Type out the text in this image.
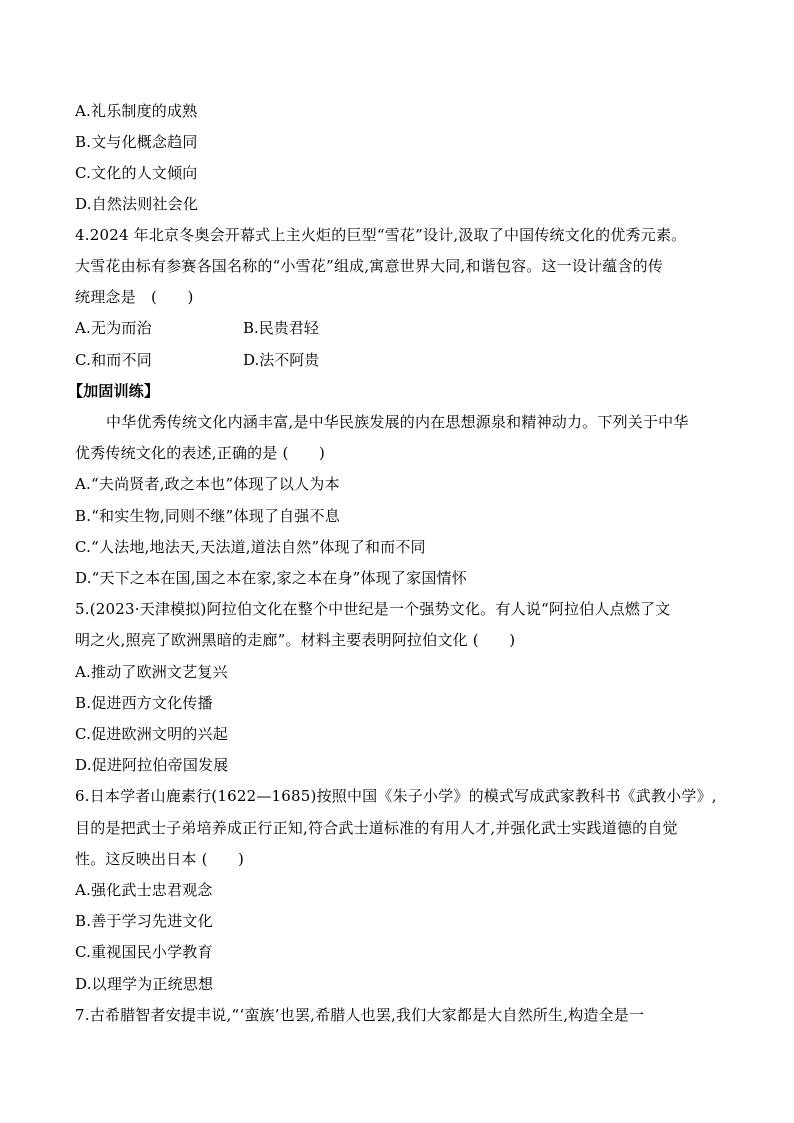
A.礼乐制度的成熟
B.文与化概念趋同
C.文化的人文倾向
D.自然法则社会化
4.2024 年北京冬奥会开幕式上主火炬的巨型“雪花”设计,汲取了中国传统文化的优秀元素。
大雪花由标有参赛各国名称的“小雪花”组成,寓意世界大同,和谐包容。这一设计蕴含的传
统理念是　(　　)
A.无为而治	B.民贵君轻
C.和而不同	D.法不阿贵
【加固训练】
中华优秀传统文化内涵丰富,是中华民族发展的内在思想源泉和精神动力。下列关于中华
优秀传统文化的表述,正确的是 (　　)
A.“夫尚贤者,政之本也”体现了以人为本
B.“和实生物,同则不继”体现了自强不息
C.“人法地,地法天,天法道,道法自然”体现了和而不同
D.“天下之本在国,国之本在家,家之本在身”体现了家国情怀
5.(2023·天津模拟)阿拉伯文化在整个中世纪是一个强势文化。有人说“阿拉伯人点燃了文
明之火,照亮了欧洲黑暗的走廊”。材料主要表明阿拉伯文化 (　　)
A.推动了欧洲文艺复兴
B.促进西方文化传播
C.促进欧洲文明的兴起
D.促进阿拉伯帝国发展
6.日本学者山鹿素行(1622—1685)按照中国《朱子小学》的模式写成武家教科书《武教小学》,
目的是把武士子弟培养成正行正知,符合武士道标准的有用人才,并强化武士实践道德的自觉
性。这反映出日本 (　　)
A.强化武士忠君观念
B.善于学习先进文化
C.重视国民小学教育
D.以理学为正统思想
7.古希腊智者安提丰说,“‘蛮族’也罢,希腊人也罢,我们大家都是大自然所生,构造全是一
